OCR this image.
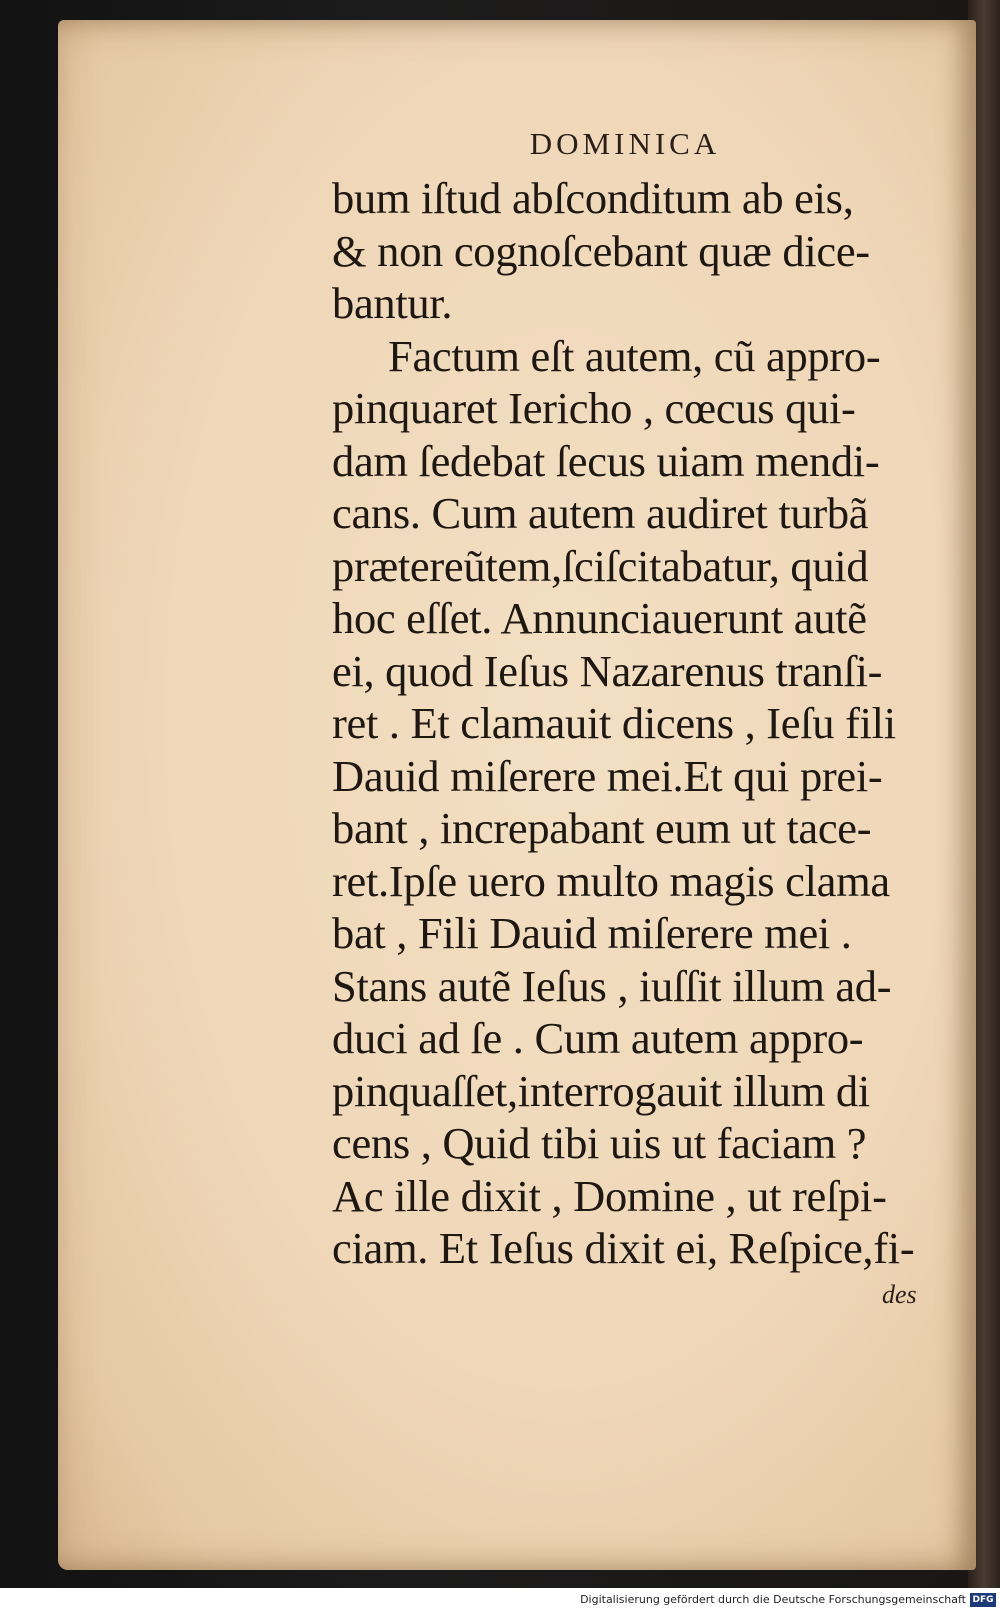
DOMINICA
bum iſtud abſconditum ab eis,
& non cognoſcebant quæ dice-
bantur.
Factum eſt autem, cũ appro-
pinquaret Iericho , cœcus qui-
dam ſedebat ſecus uiam mendi-
cans. Cum autem audiret turbã
prætereũtem,ſciſcitabatur, quid
hoc eſſet. Annunciauerunt autẽ
ei, quod Ieſus Nazarenus tranſi-
ret . Et clamauit dicens , Ieſu fili
Dauid miſerere mei.Et qui prei-
bant , increpabant eum ut tace-
ret.Ipſe uero multo magis clama
bat , Fili Dauid miſerere mei .
Stans autẽ Ieſus , iuſſit illum ad-
duci ad ſe . Cum autem appro-
pinquaſſet,interrogauit illum di
cens , Quid tibi uis ut faciam ?
Ac ille dixit , Domine , ut reſpi-
ciam. Et Ieſus dixit ei, Reſpice,fi-
des
Digitalisierung gefördert durch die Deutsche Forschungsgemeinschaft DFG
